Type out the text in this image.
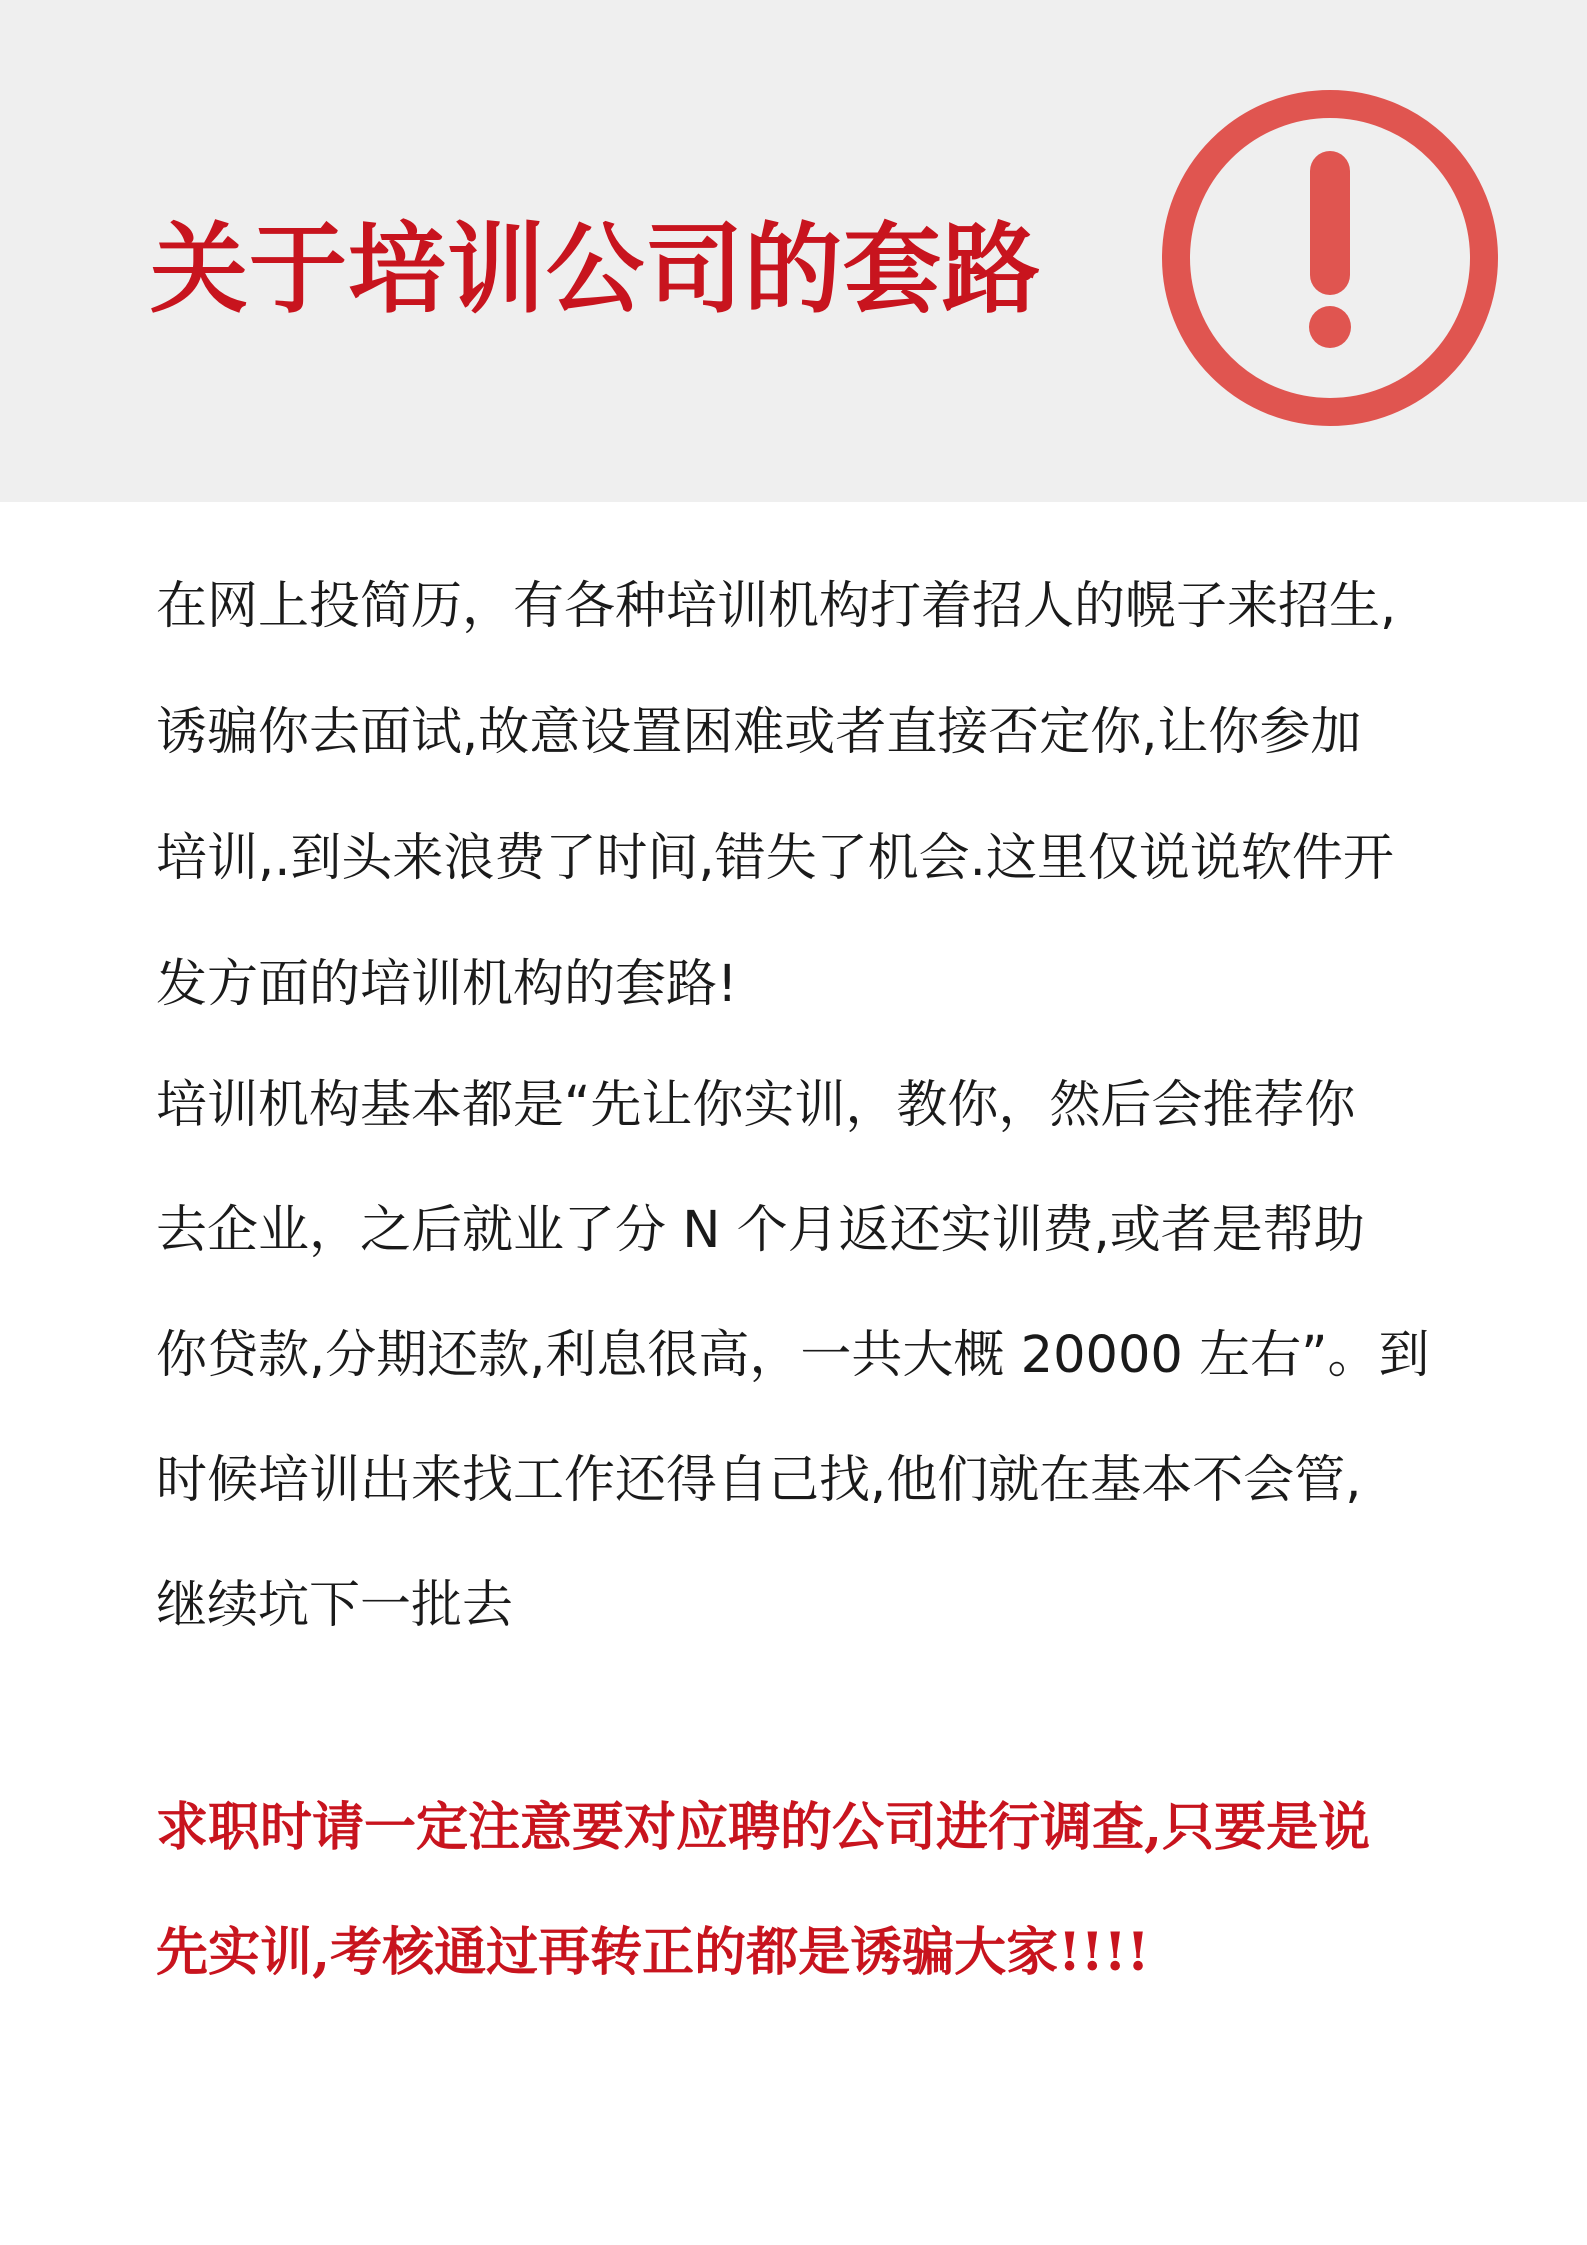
关于培训公司的套路
在网上投简历，有各种培训机构打着招人的幌子来招生,
诱骗你去面试,故意设置困难或者直接否定你,让你参加
培训,.到头来浪费了时间,错失了机会.这里仅说说软件开
发方面的培训机构的套路!
培训机构基本都是“先让你实训，教你，然后会推荐你
去企业，之后就业了分 N 个月返还实训费,或者是帮助
你贷款,分期还款,利息很高，一共大概 20000 左右”。到
时候培训出来找工作还得自己找,他们就在基本不会管,
继续坑下一批去
求职时请一定注意要对应聘的公司进行调查,只要是说
先实训,考核通过再转正的都是诱骗大家!!!!
